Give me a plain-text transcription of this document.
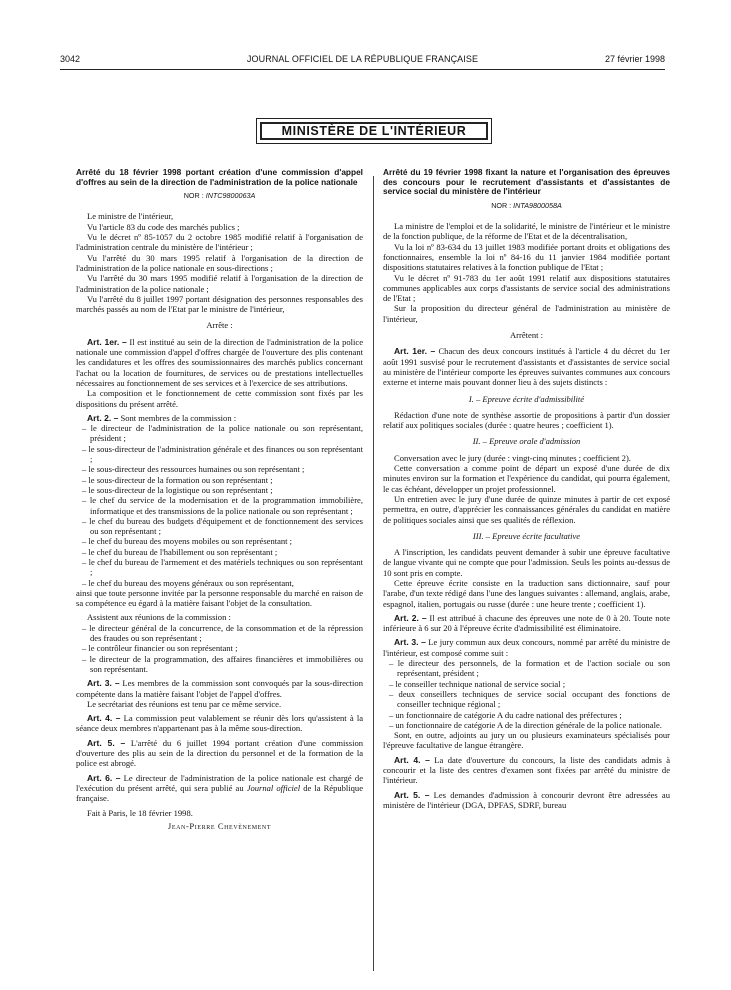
3042	JOURNAL OFFICIEL DE LA RÉPUBLIQUE FRANÇAISE	27 février 1998
MINISTÈRE DE L'INTÉRIEUR

Arrêté du 18 février 1998 portant création d'une commission d'appel d'offres au sein de la direction de l'administration de la police nationale

NOR : INTC9800063A

Le ministre de l'intérieur,

Vu l'article 83 du code des marchés publics ;

Vu le décret nº 85-1057 du 2 octobre 1985 modifié relatif à l'organisation de l'administration centrale du ministère de l'intérieur ;

Vu l'arrêté du 30 mars 1995 relatif à l'organisation de la direction de l'administration de la police nationale en sous-directions ;

Vu l'arrêté du 30 mars 1995 modifié relatif à l'organisation de la direction de l'administration de la police nationale ;

Vu l'arrêté du 8 juillet 1997 portant désignation des personnes responsables des marchés passés au nom de l'Etat par le ministre de l'intérieur,

Arrête :

Art. 1er. – Il est institué au sein de la direction de l'administration de la police nationale une commission d'appel d'offres chargée de l'ouverture des plis contenant les candidatures et les offres des soumissionnaires des marchés publics concernant l'achat ou la location de fournitures, de services ou de prestations intellectuelles nécessaires au fonctionnement de ses services et à l'exercice de ses attributions.

La composition et le fonctionnement de cette commission sont fixés par les dispositions du présent arrêté.

Art. 2. – Sont membres de la commission :

– le directeur de l'administration de la police nationale ou son représentant, président ;

– le sous-directeur de l'administration générale et des finances ou son représentant ;

– le sous-directeur des ressources humaines ou son représentant ;

– le sous-directeur de la formation ou son représentant ;

– le sous-directeur de la logistique ou son représentant ;

– le chef du service de la modernisation et de la programmation immobilière, informatique et des transmissions de la police nationale ou son représentant ;

– le chef du bureau des budgets d'équipement et de fonctionnement des services ou son représentant ;

– le chef du bureau des moyens mobiles ou son représentant ;

– le chef du bureau de l'habillement ou son représentant ;

– le chef du bureau de l'armement et des matériels techniques ou son représentant ;

– le chef du bureau des moyens généraux ou son représentant,

ainsi que toute personne invitée par la personne responsable du marché en raison de sa compétence eu égard à la matière faisant l'objet de la consultation.

Assistent aux réunions de la commission :

– le directeur général de la concurrence, de la consommation et de la répression des fraudes ou son représentant ;

– le contrôleur financier ou son représentant ;

– le directeur de la programmation, des affaires financières et immobilières ou son représentant.

Art. 3. – Les membres de la commission sont convoqués par la sous-direction compétente dans la matière faisant l'objet de l'appel d'offres.

Le secrétariat des réunions est tenu par ce même service.

Art. 4. – La commission peut valablement se réunir dès lors qu'assistent à la séance deux membres n'appartenant pas à la même sous-direction.

Art. 5. – L'arrêté du 6 juillet 1994 portant création d'une commission d'ouverture des plis au sein de la direction du personnel et de la formation de la police est abrogé.

Art. 6. – Le directeur de l'administration de la police nationale est chargé de l'exécution du présent arrêté, qui sera publié au Journal officiel de la République française.

Fait à Paris, le 18 février 1998.

Jean-Pierre Chevènement

Arrêté du 19 février 1998 fixant la nature et l'organisation des épreuves des concours pour le recrutement d'assistants et d'assistantes de service social du ministère de l'intérieur

NOR : INTA9800058A

La ministre de l'emploi et de la solidarité, le ministre de l'intérieur et le ministre de la fonction publique, de la réforme de l'Etat et de la décentralisation,

Vu la loi nº 83-634 du 13 juillet 1983 modifiée portant droits et obligations des fonctionnaires, ensemble la loi nº 84-16 du 11 janvier 1984 modifiée portant dispositions statutaires relatives à la fonction publique de l'Etat ;

Vu le décret nº 91-783 du 1er août 1991 relatif aux dispositions statutaires communes applicables aux corps d'assistants de service social des administrations de l'Etat ;

Sur la proposition du directeur général de l'administration au ministère de l'intérieur,

Arrêtent :

Art. 1er. – Chacun des deux concours institués à l'article 4 du décret du 1er août 1991 susvisé pour le recrutement d'assistants et d'assistantes de service social au ministère de l'intérieur comporte les épreuves suivantes communes aux concours externe et interne mais pouvant donner lieu à des sujets distincts :

I. – Epreuve écrite d'admissibilité

Rédaction d'une note de synthèse assortie de propositions à partir d'un dossier relatif aux politiques sociales (durée : quatre heures ; coefficient 1).

II. – Epreuve orale d'admission

Conversation avec le jury (durée : vingt-cinq minutes ; coefficient 2).

Cette conversation a comme point de départ un exposé d'une durée de dix minutes environ sur la formation et l'expérience du candidat, qui pourra également, le cas échéant, développer un projet professionnel.

Un entretien avec le jury d'une durée de quinze minutes à partir de cet exposé permettra, en outre, d'apprécier les connaissances générales du candidat en matière de politiques sociales ainsi que ses qualités de réflexion.

III. – Epreuve écrite facultative

A l'inscription, les candidats peuvent demander à subir une épreuve facultative de langue vivante qui ne compte que pour l'admission. Seuls les points au-dessus de 10 sont pris en compte.

Cette épreuve écrite consiste en la traduction sans dictionnaire, sauf pour l'arabe, d'un texte rédigé dans l'une des langues suivantes : allemand, anglais, arabe, espagnol, italien, portugais ou russe (durée : une heure trente ; coefficient 1).

Art. 2. – Il est attribué à chacune des épreuves une note de 0 à 20. Toute note inférieure à 6 sur 20 à l'épreuve écrite d'admissibilité est éliminatoire.

Art. 3. – Le jury commun aux deux concours, nommé par arrêté du ministre de l'intérieur, est composé comme suit :

– le directeur des personnels, de la formation et de l'action sociale ou son représentant, président ;

– le conseiller technique national de service social ;

– deux conseillers techniques de service social occupant des fonctions de conseiller technique régional ;

– un fonctionnaire de catégorie A du cadre national des préfectures ;

– un fonctionnaire de catégorie A de la direction générale de la police nationale.

Sont, en outre, adjoints au jury un ou plusieurs examinateurs spécialisés pour l'épreuve facultative de langue étrangère.

Art. 4. – La date d'ouverture du concours, la liste des candidats admis à concourir et la liste des centres d'examen sont fixées par arrêté du ministre de l'intérieur.

Art. 5. – Les demandes d'admission à concourir devront être adressées au ministère de l'intérieur (DGA, DPFAS, SDRF, bureau
